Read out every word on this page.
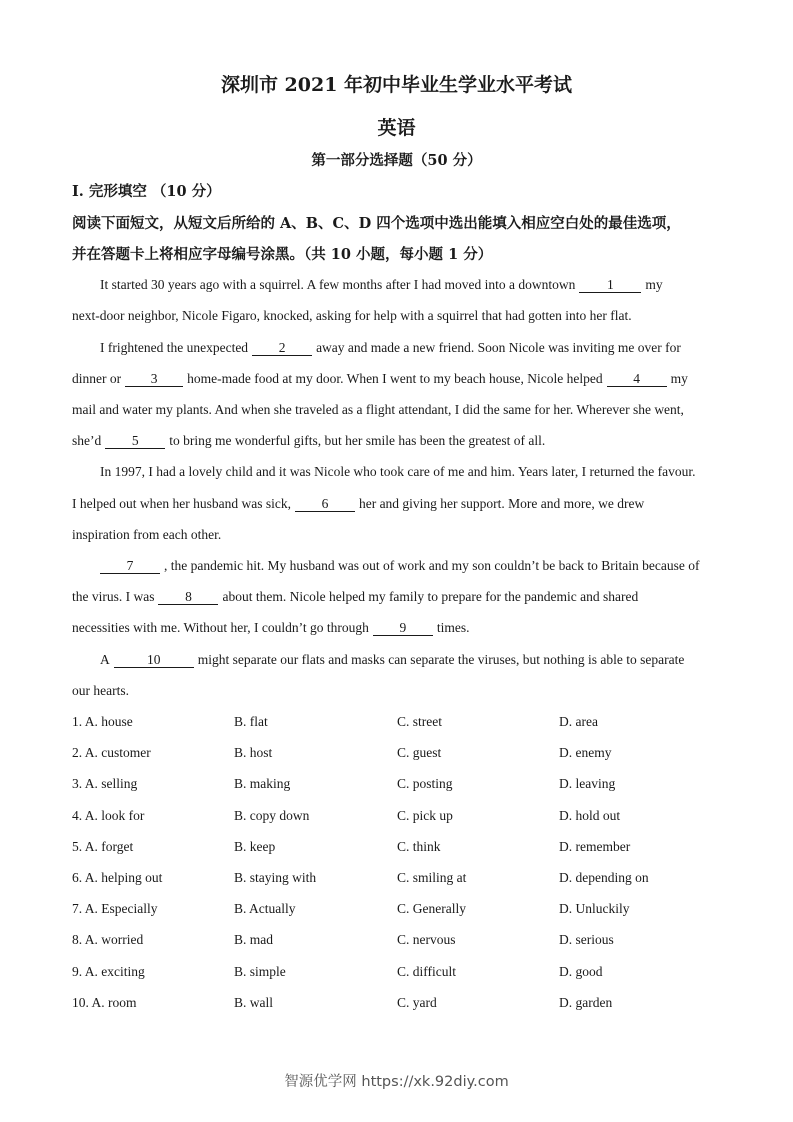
深圳市 2021 年初中毕业生学业水平考试
英语
第一部分选择题（50 分）
I. 完形填空 （10 分）
阅读下面短文，从短文后所给的 A、B、C、D 四个选项中选出能填入相应空白处的最佳选项，
并在答题卡上将相应字母编号涂黑。（共 10 小题，每小题 1 分）
It started 30 years ago with a squirrel. A few months after I had moved into a downtown 1 my
next-door neighbor, Nicole Figaro, knocked, asking for help with a squirrel that had gotten into her flat.
I frightened the unexpected 2 away and made a new friend. Soon Nicole was inviting me over for
dinner or 3 home-made food at my door. When I went to my beach house, Nicole helped 4 my
mail and water my plants. And when she traveled as a flight attendant, I did the same for her. Wherever she went,
she’d 5 to bring me wonderful gifts, but her smile has been the greatest of all.
In 1997, I had a lovely child and it was Nicole who took care of me and him. Years later, I returned the favour.
I helped out when her husband was sick, 6 her and giving her support. More and more, we drew
inspiration from each other.
7 , the pandemic hit. My husband was out of work and my son couldn’t be back to Britain because of
the virus. I was 8 about them. Nicole helped my family to prepare for the pandemic and shared
necessities with me. Without her, I couldn’t go through 9 times.
A	10	might separate our flats and masks can separate the viruses, but nothing is able to separate
our hearts.
1. A. house	B. flat	C. street	D. area
2. A. customer	B. host	C. guest	D. enemy
3. A. selling	B. making	C. posting	D. leaving
4. A. look for	B. copy down	C. pick up	D. hold out
5. A. forget	B. keep	C. think	D. remember
6. A. helping out	B. staying with	C. smiling at	D. depending on
7. A. Especially	B. Actually	C. Generally	D. Unluckily
8. A. worried	B. mad	C. nervous	D. serious
9. A. exciting	B. simple	C. difficult	D. good
10. A. room	B. wall	C. yard	D. garden
智源优学网 https://xk.92diy.com
